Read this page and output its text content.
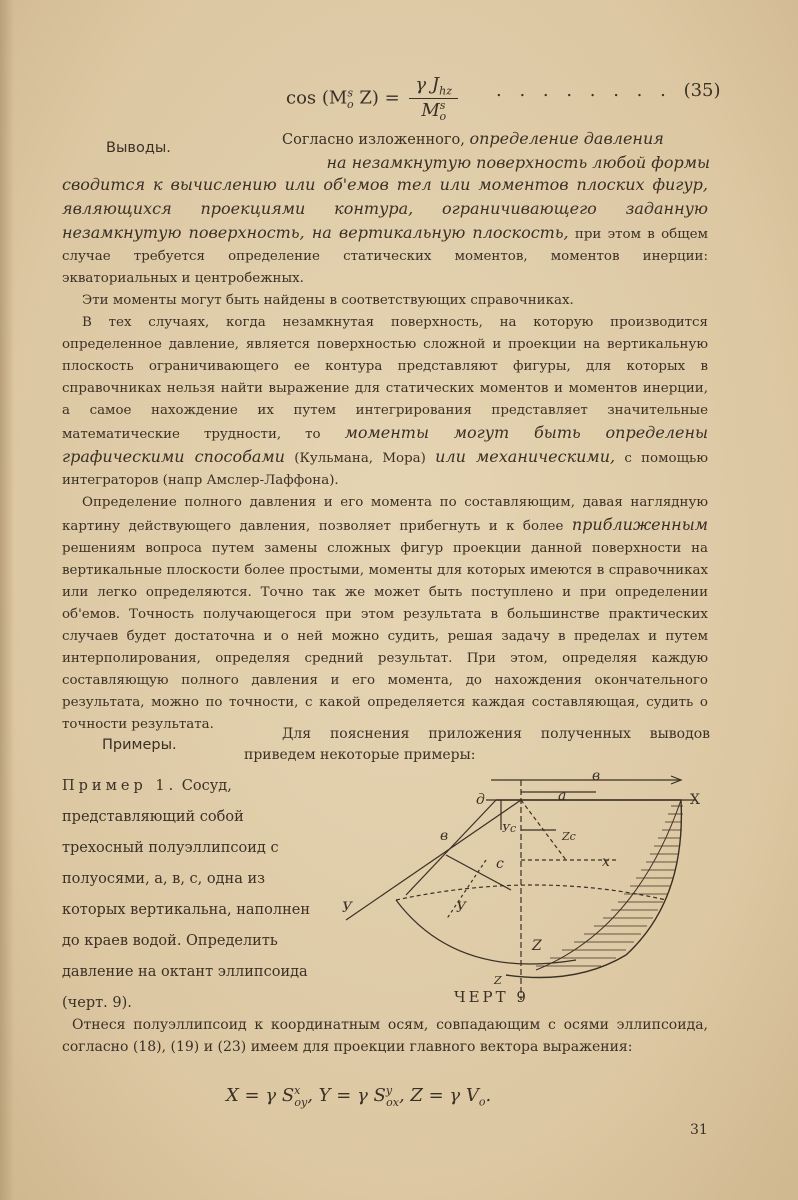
$\cos (M^s_o$ $Z) = \frac{\gamma J_{hz}}{M^s_o}$ . . . . . . . . (35)
Выводы.	Согласно изложенного, определение давления
на незамкнутую поверхность любой формы

сводится к вычислению или об'емов тел или моментов плоских фигур, являющихся проекциями контура, ограничивающего заданную незамкнутую поверхность, на вертикальную плоскость, при этом в общем случае требуется определение статических моментов, моментов инерции: экваториальных и центробежных.

Эти моменты могут быть найдены в соответствующих справочниках.

В тех случаях, когда незамкнутая поверхность, на которую производится определенное давление, является поверхностью сложной и проекции на вертикальную плоскость ограничивающего ее контура представляют фигуры, для которых в справочниках нельзя найти выражение для статических моментов и моментов инерции, а самое нахождение их путем интегрирования представляет значительные математические трудности, то моменты могут быть определены графическими способами (Кульмана, Мора) или механическими, с помощью интеграторов (напр Амслер-Лаффона).

Определение полного давления и его момента по составляющим, давая наглядную картину действующего давления, позволяет прибегнуть и к более приближенным решениям вопроса путем замены сложных фигур проекции данной поверхности на вертикальные плоскости более простыми, моменты для которых имеются в справочниках или легко определяются. Точно так же может быть поступлено и при определении об'емов. Точность получающегося при этом результата в большинстве практических случаев будет достаточна и о ней можно судить, решая задачу в пределах и путем интерполирования, определяя средний результат. При этом, определяя каждую составляющую полного давления и его момента, до нахождения окончательного результата, можно по точности, с какой определяется каждая составляющая, судить о точности результата.

Примеры.
Для пояснения приложения полученных выводов приведем некоторые примеры:
Пример 1. Сосуд, представляющий собой трехосный полуэллипсоид с полуосями, а, в, с, одна из которых вертикальна, наполнен до краев водой. Определить давление на октант эллипсоида (черт. 9).
в
а	X
д
в
У	У
с
Z
Z
х
Zс
Ус
ЧЕРТ 9
Отнеся полуэллипсоид к координатным осям, совпадающим с осями эллипсоида, согласно (18), (19) и (23) имеем для проекции главного вектора выражения:
X = γ $S^x_{oy}$, Y = γ $S^y_{ox}$, Z = γ $V_o$.
31
